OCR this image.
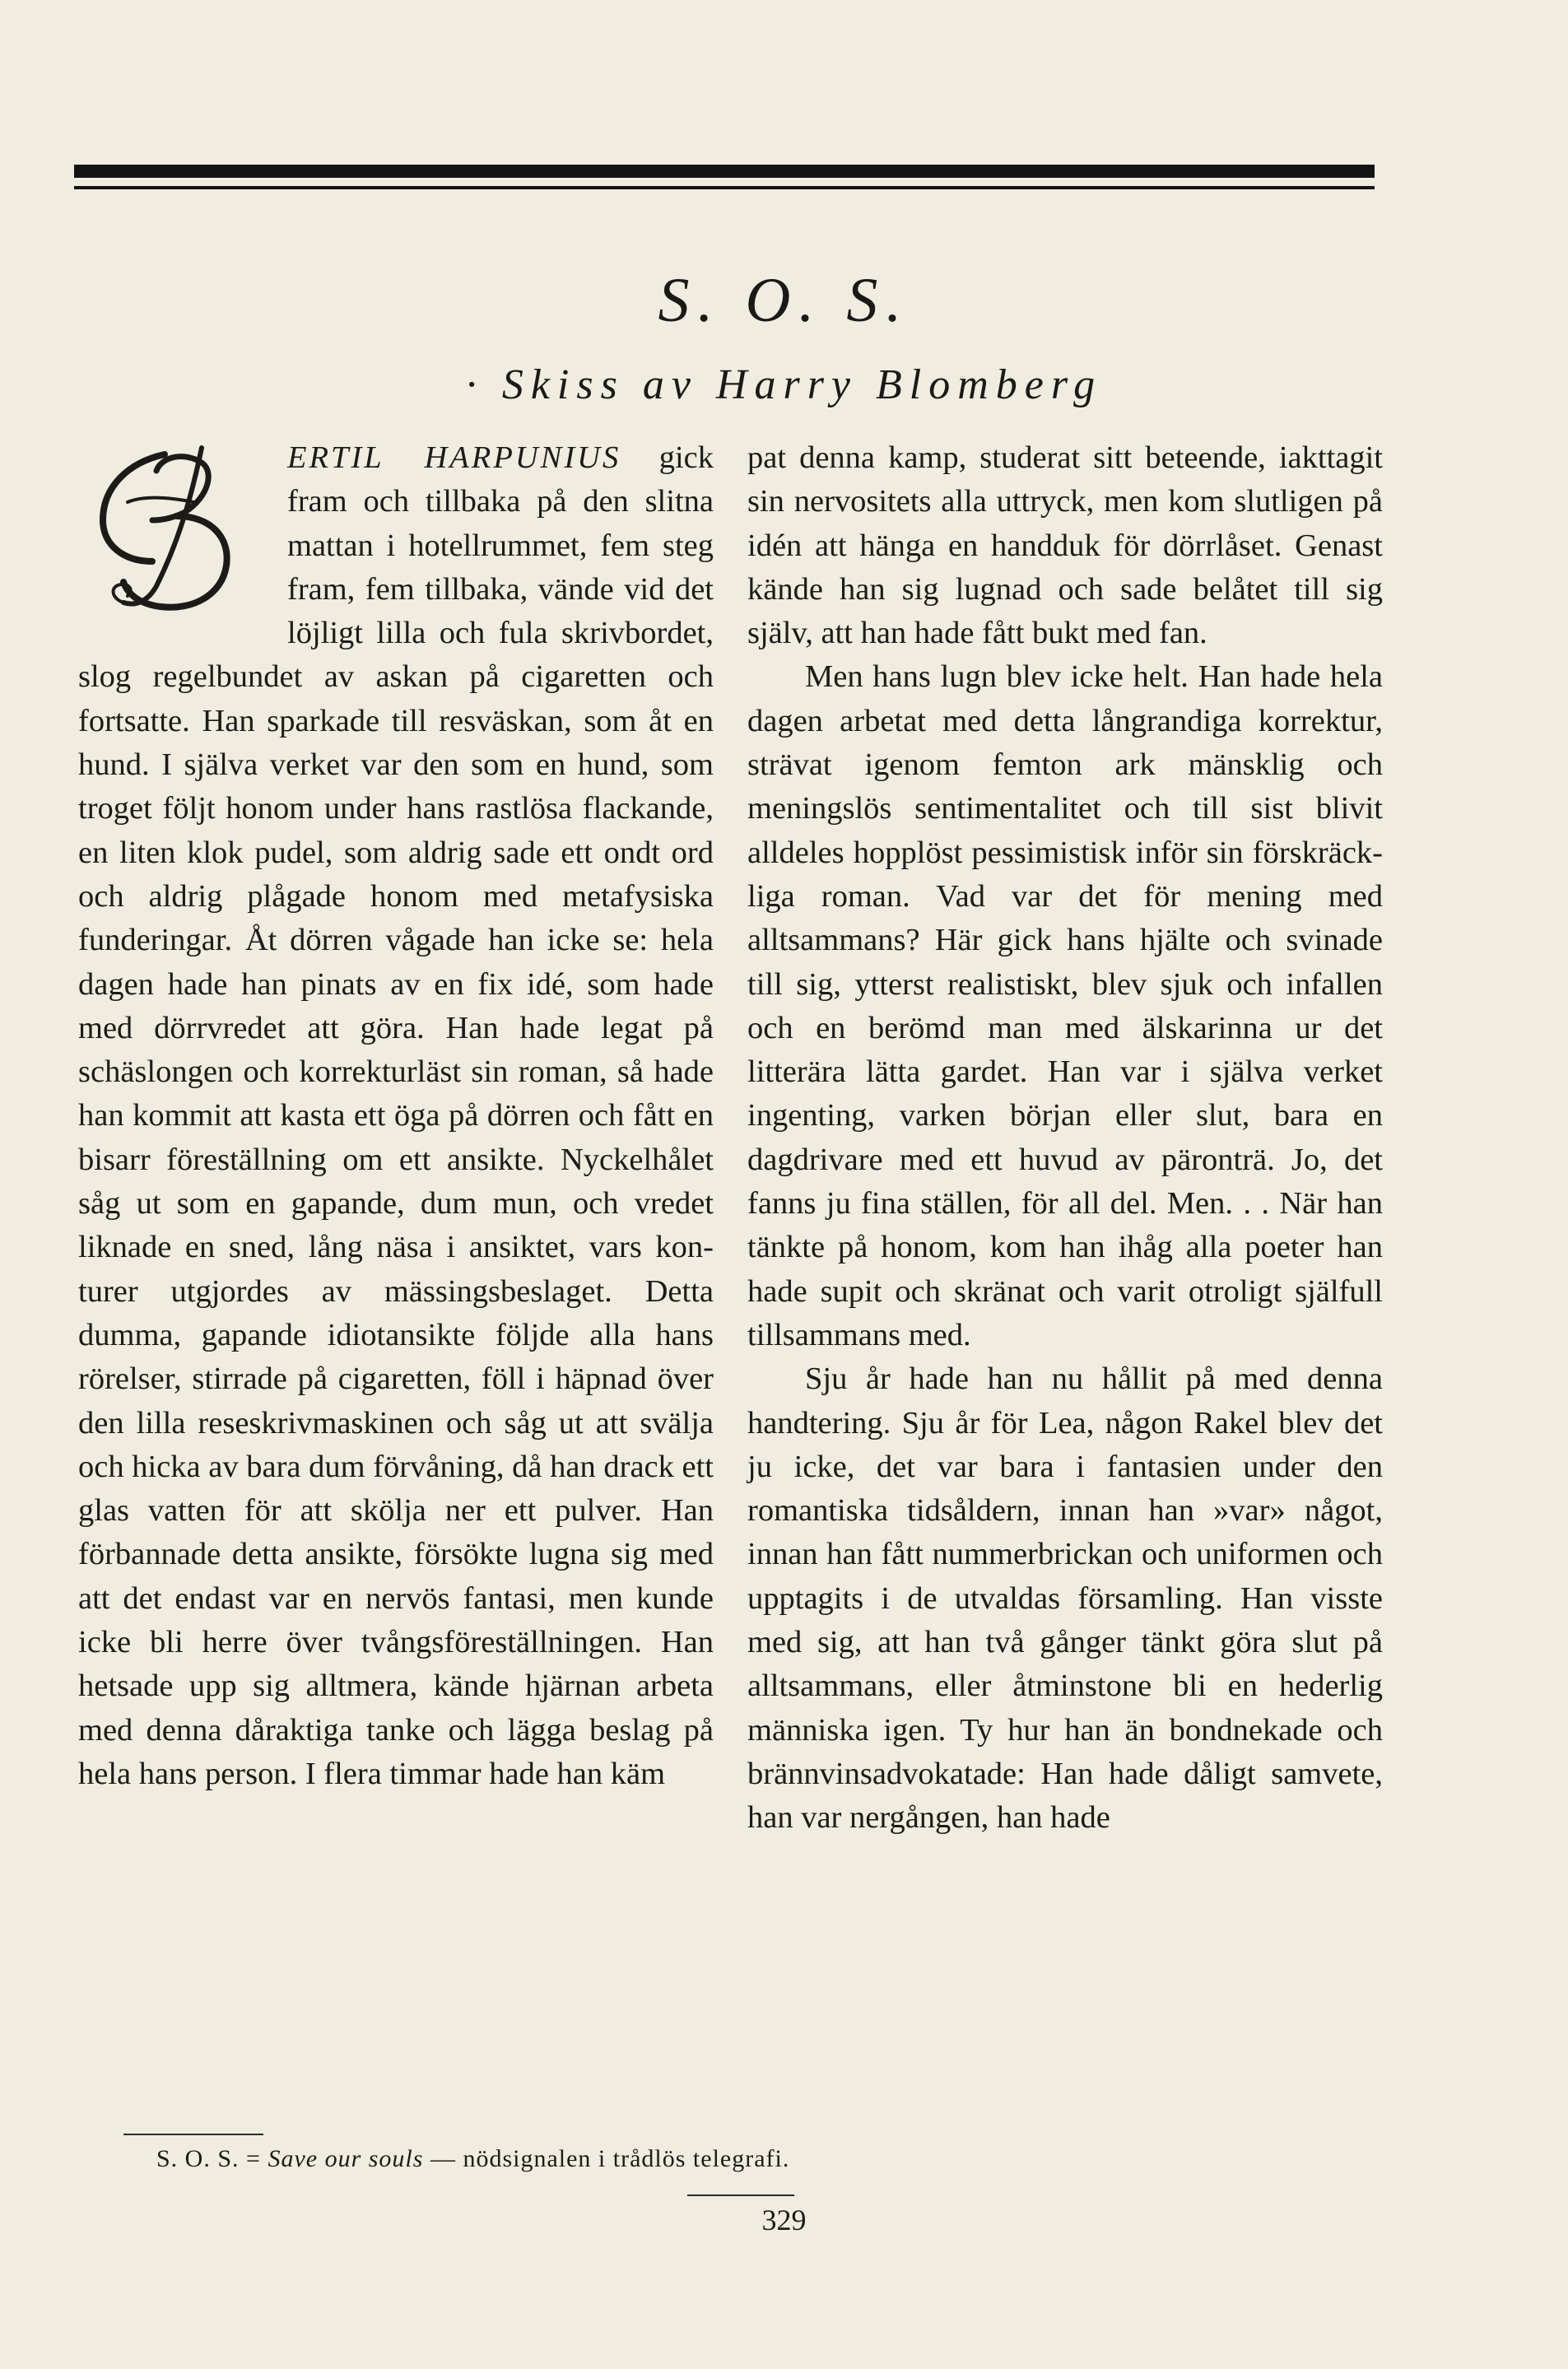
S. O. S.
· Skiss av Harry Blomberg

ERTIL HARPUNIUS gick fram och tillbaka på den slitna mattan i hotellrummet, fem steg fram, fem tillbaka, vände vid det löjligt lilla och fula skrivbordet, slog regelbundet av askan på cigaretten och fortsatte. Han sparkade till resväskan, som åt en hund. I själva verket var den som en hund, som troget följt honom under hans rastlösa flackande, en liten klok pudel, som aldrig sade ett ondt ord och aldrig plågade honom med metafysiska funderingar. Åt dörren vågade han icke se: hela dagen hade han pinats av en fix idé, som hade med dörrvredet att göra. Han hade legat på schäslongen och korrekturläst sin roman, så hade han kommit att kasta ett öga på dörren och fått en bisarr föreställning om ett ansikte. Nyckelhålet såg ut som en gapande, dum mun, och vredet liknade en sned, lång näsa i ansiktet, vars konturer utgjordes av mässingsbeslaget. Detta dumma, gapande idiotansikte följde alla hans rörelser, stirrade på cigaretten, föll i häpnad över den lilla reseskrivmaskinen och såg ut att svälja och hicka av bara dum förvåning, då han drack ett glas vatten för att skölja ner ett pulver. Han förbannade detta ansikte, försökte lugna sig med att det endast var en nervös fantasi, men kunde icke bli herre över tvångsföreställningen. Han hetsade upp sig alltmera, kände hjärnan arbeta med denna dåraktiga tanke och lägga beslag på hela hans person. I flera timmar hade han käm

pat denna kamp, studerat sitt beteende, iakttagit sin nervositets alla uttryck, men kom slutligen på idén att hänga en handduk för dörrlåset. Genast kände han sig lugnad och sade belåtet till sig själv, att han hade fått bukt med fan.

Men hans lugn blev icke helt. Han hade hela dagen arbetat med detta långrandiga korrektur, strävat igenom femton ark mänsklig och meningslös sentimentalitet och till sist blivit alldeles hopplöst pessimistisk inför sin förskräckliga roman. Vad var det för mening med alltsammans? Här gick hans hjälte och svinade till sig, ytterst realistiskt, blev sjuk och infallen och en berömd man med älskarinna ur det litterära lätta gardet. Han var i själva verket ingenting, varken början eller slut, bara en dagdrivare med ett huvud av päronträ. Jo, det fanns ju fina ställen, för all del. Men. . . När han tänkte på honom, kom han ihåg alla poeter han hade supit och skränat och varit otroligt själfull tillsammans med.

Sju år hade han nu hållit på med denna handtering. Sju år för Lea, någon Rakel blev det ju icke, det var bara i fantasien under den romantiska tidsåldern, innan han »var» något, innan han fått nummerbrickan och uniformen och upptagits i de utvaldas församling. Han visste med sig, att han två gånger tänkt göra slut på alltsammans, eller åtminstone bli en hederlig människa igen. Ty hur han än bondnekade och brännvinsadvokatade: Han hade dåligt samvete, han var nergången, han hade

S. O. S. = Save our souls — nödsignalen i trådlös telegrafi.
329
